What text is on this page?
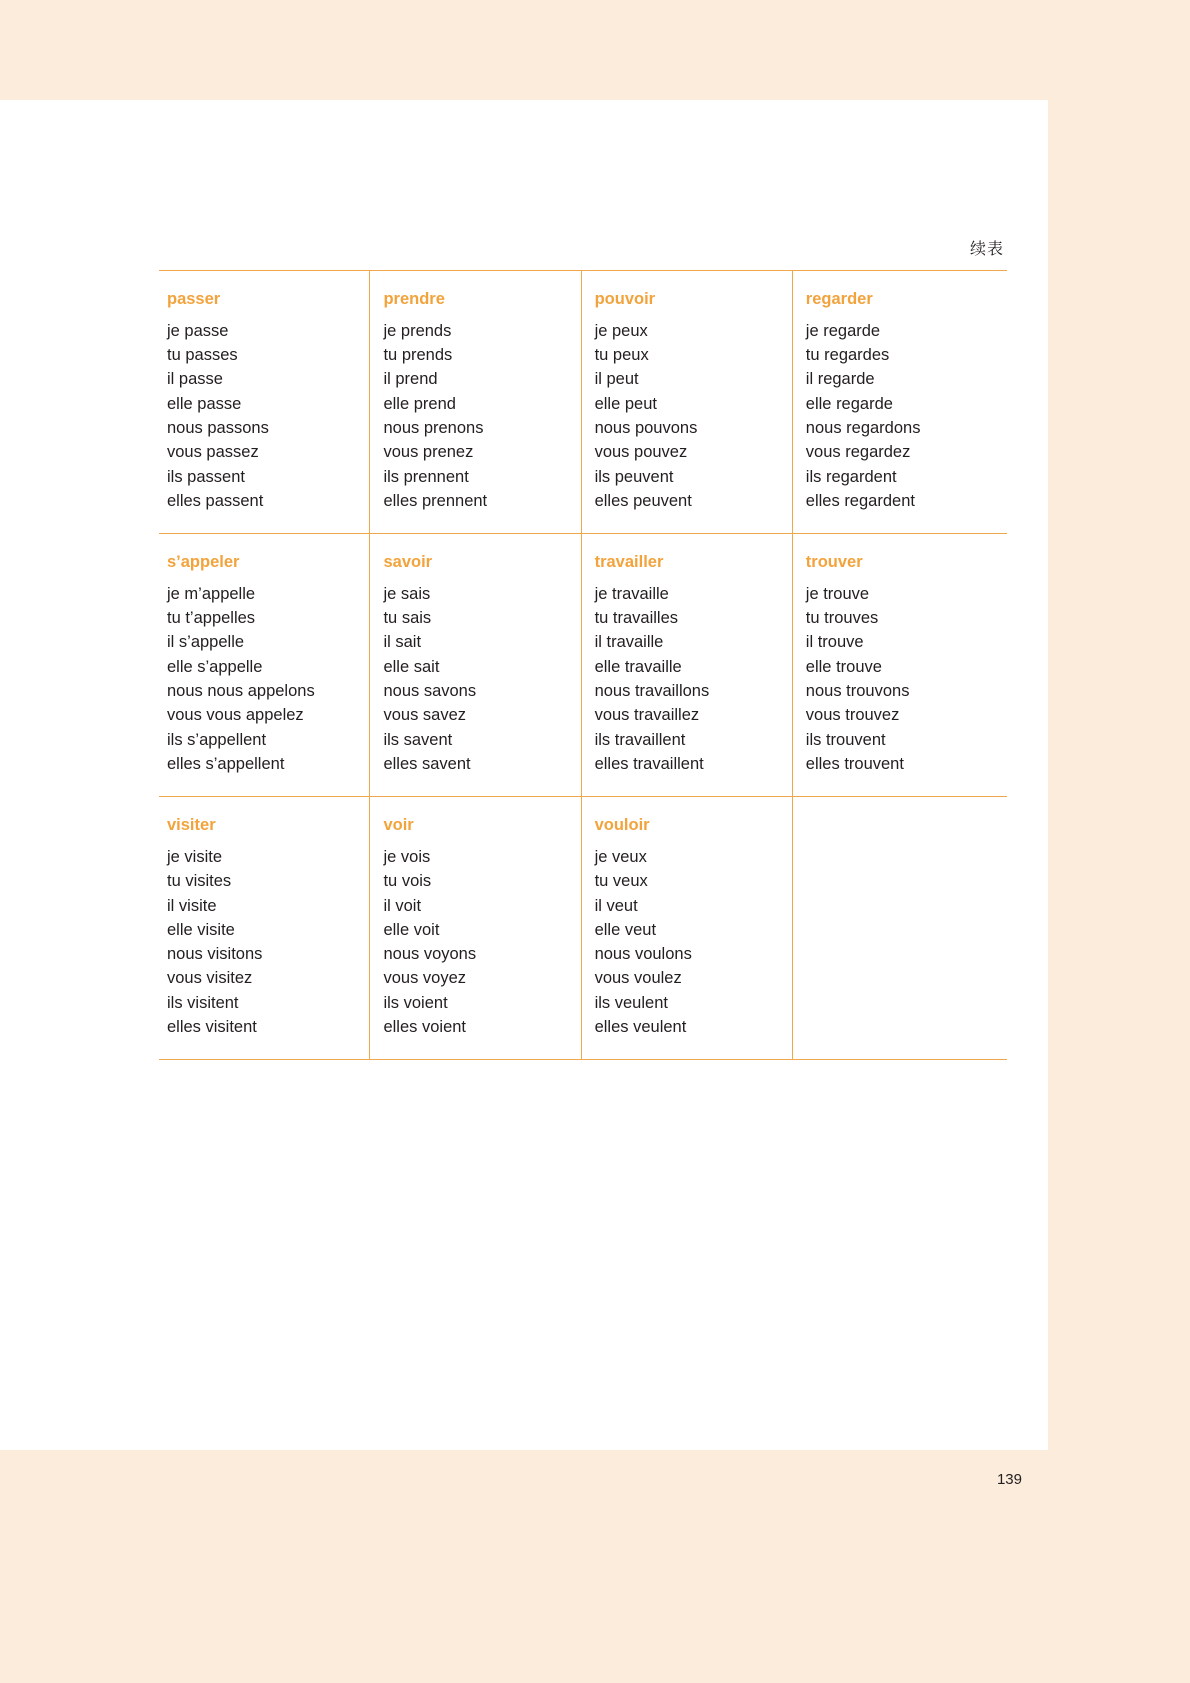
续表
passer
je passe
tu passes
il passe
elle passe
nous passons
vous passez
ils passent
elles passent

prendre
je prends
tu prends
il prend
elle prend
nous prenons
vous prenez
ils prennent
elles prennent

pouvoir
je peux
tu peux
il peut
elle peut
nous pouvons
vous pouvez
ils peuvent
elles peuvent

regarder
je regarde
tu regardes
il regarde
elle regarde
nous regardons
vous regardez
ils regardent
elles regardent

s’appeler
je m’appelle
tu t’appelles
il s’appelle
elle s’appelle
nous nous appelons
vous vous appelez
ils s’appellent
elles s’appellent

savoir
je sais
tu sais
il sait
elle sait
nous savons
vous savez
ils savent
elles savent

travailler
je travaille
tu travailles
il travaille
elle travaille
nous travaillons
vous travaillez
ils travaillent
elles travaillent

trouver
je trouve
tu trouves
il trouve
elle trouve
nous trouvons
vous trouvez
ils trouvent
elles trouvent

visiter
je visite
tu visites
il visite
elle visite
nous visitons
vous visitez
ils visitent
elles visitent

voir
je vois
tu vois
il voit
elle voit
nous voyons
vous voyez
ils voient
elles voient

vouloir
je veux
tu veux
il veut
elle veut
nous voulons
vous voulez
ils veulent
elles veulent

139
